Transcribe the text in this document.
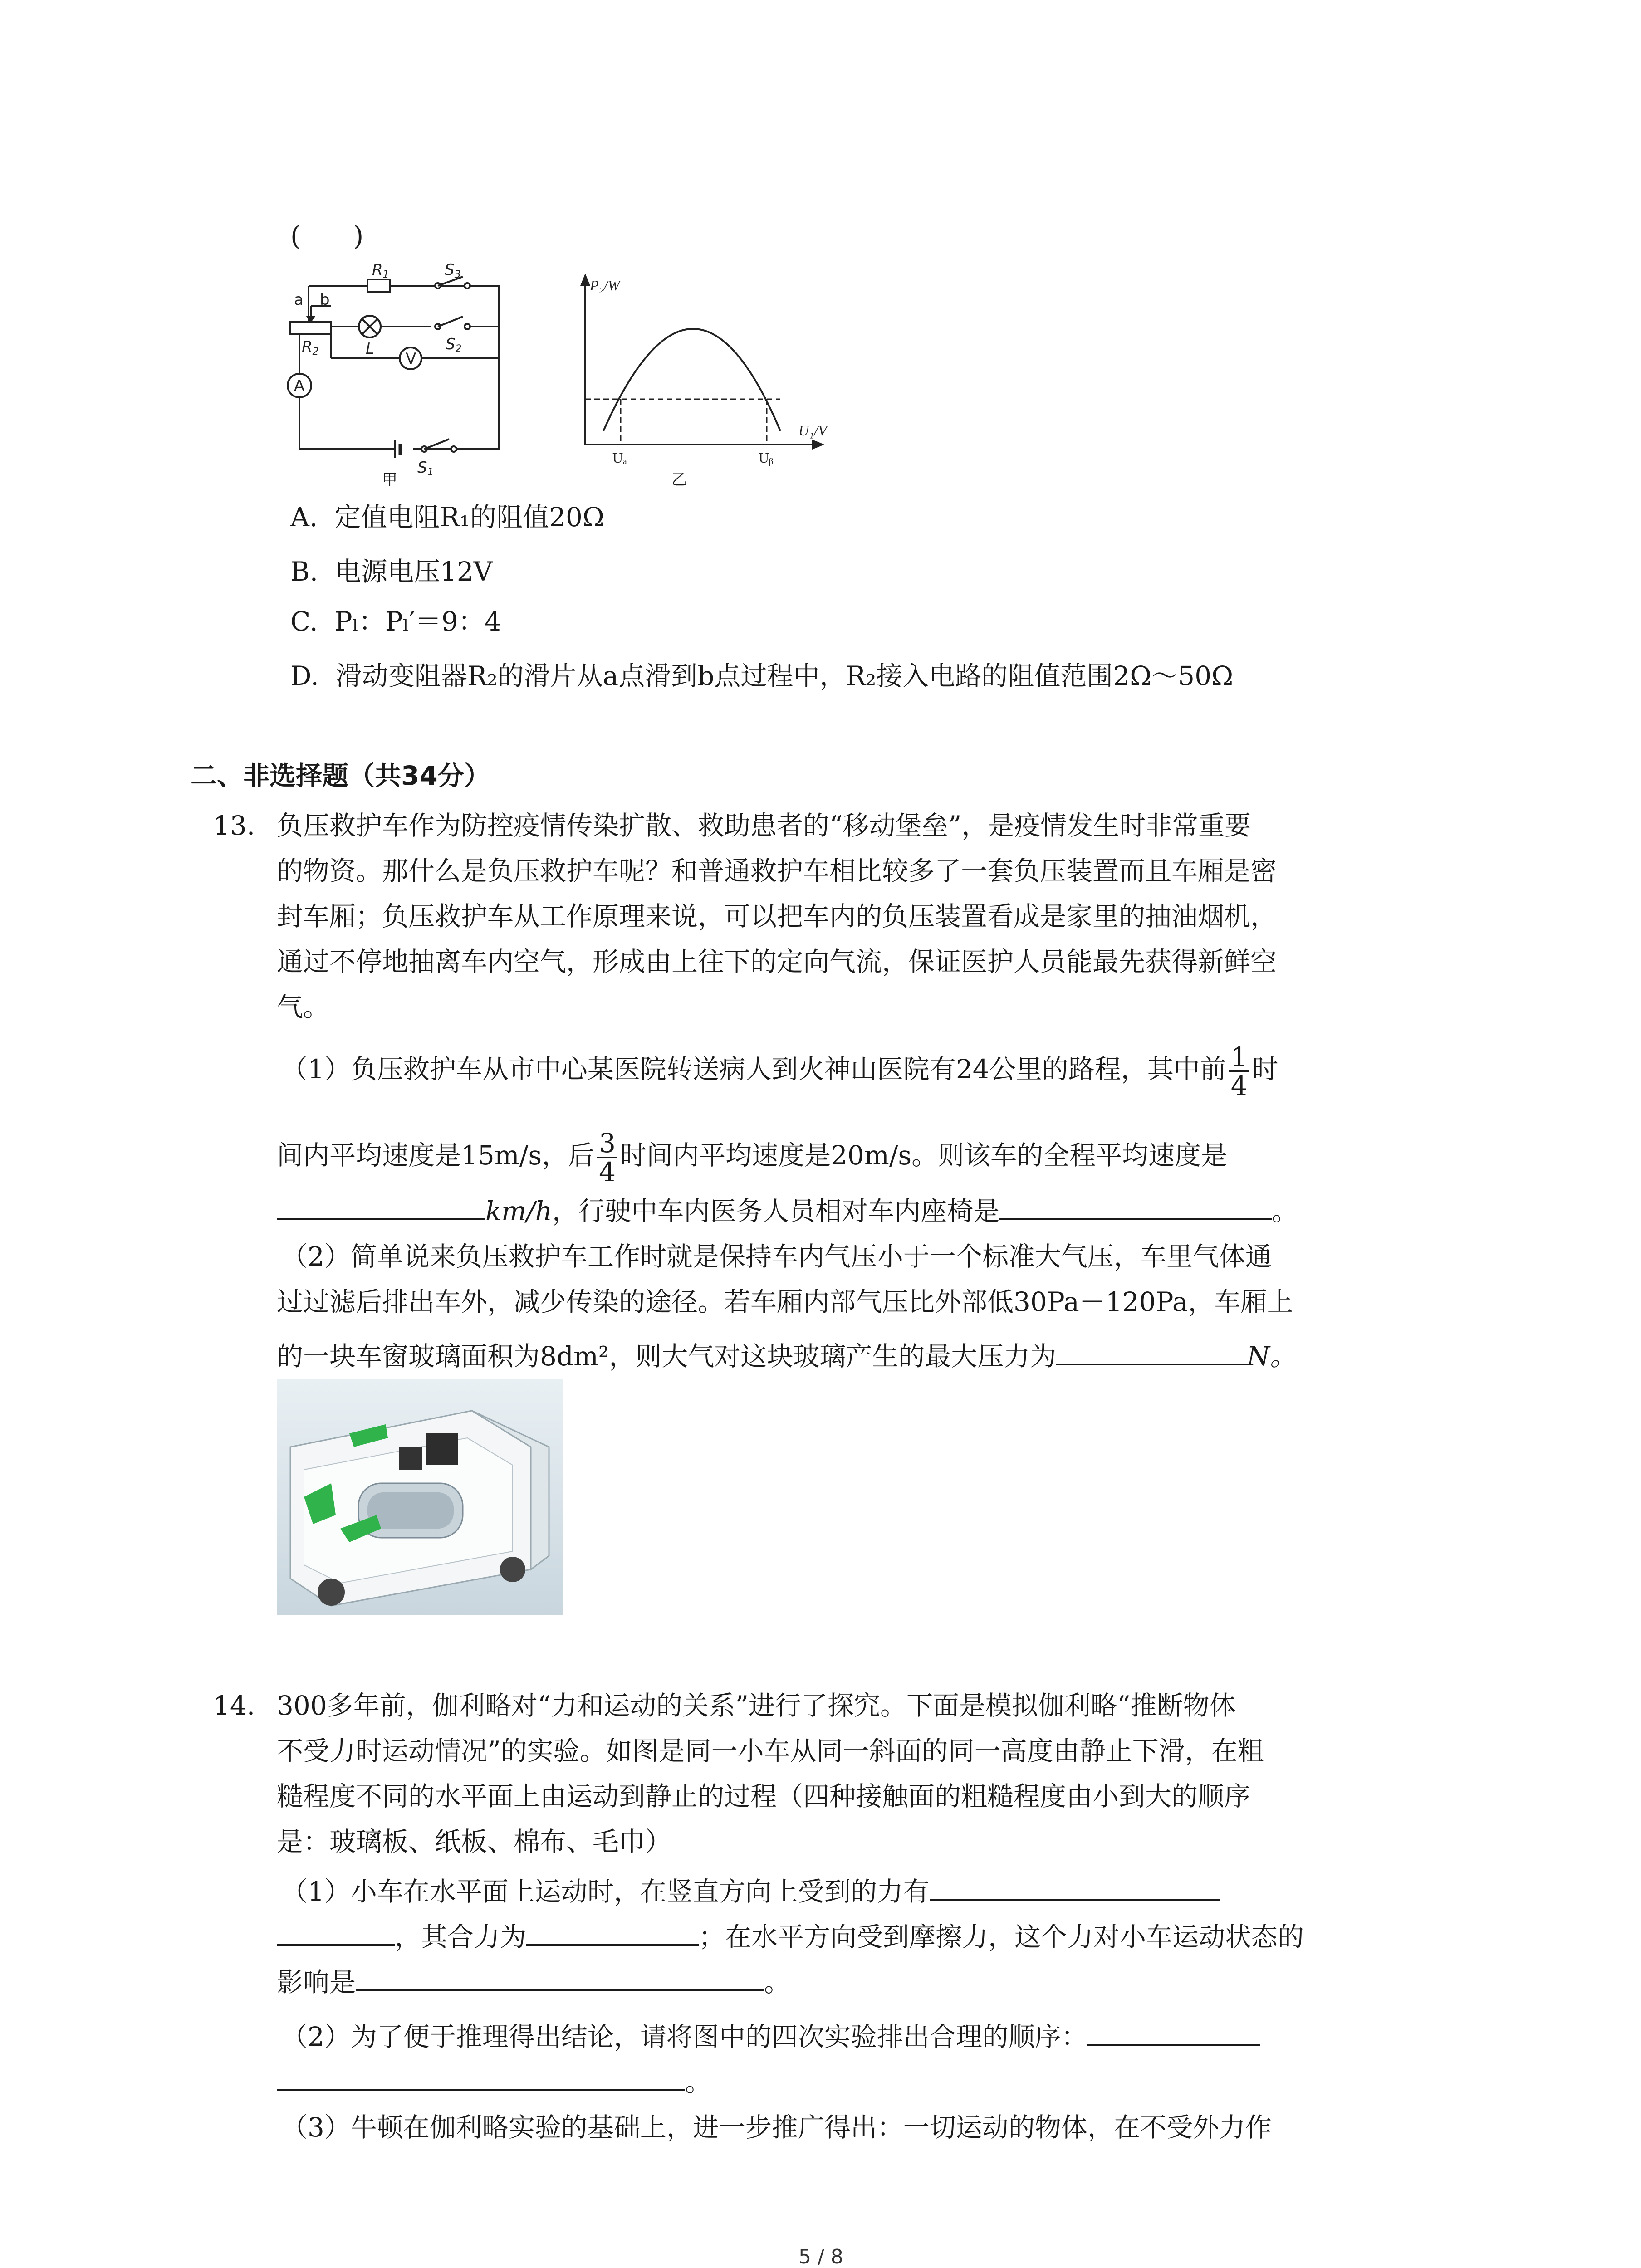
(　　)
R1	S3
a b
R2	L	S2
V
A
S1
甲
P₂/W
U₁/V
Uₐ	Uᵦ
乙
A. 定值电阻R₁的阻值20Ω
B. 电源电压12V
C. Pₗ：Pₗ′＝9：4
D. 滑动变阻器R₂的滑片从a点滑到b点过程中，R₂接入电路的阻值范围2Ω～50Ω
二、非选择题（共34分）
13. 负压救护车作为防控疫情传染扩散、救助患者的“移动堡垒”，是疫情发生时非常重要
的物资。那什么是负压救护车呢？和普通救护车相比较多了一套负压装置而且车厢是密
封车厢；负压救护车从工作原理来说，可以把车内的负压装置看成是家里的抽油烟机，
通过不停地抽离车内空气，形成由上往下的定向气流，保证医护人员能最先获得新鲜空
气。
（1）负压救护车从市中心某医院转送病人到火神山医院有24公里的路程，其中前 $\frac{1}{4}$ 时
间内平均速度是15m/s，后 $\frac{3}{4}$ 时间内平均速度是20m/s。则该车的全程平均速度是
km/h，行驶中车内医务人员相对车内座椅是	。
（2）简单说来负压救护车工作时就是保持车内气压小于一个标准大气压，车里气体通
过过滤后排出车外，减少传染的途径。若车厢内部气压比外部低30Pa－120Pa，车厢上
的一块车窗玻璃面积为8dm²，则大气对这块玻璃产生的最大压力为	N。
14. 300多年前，伽利略对“力和运动的关系”进行了探究。下面是模拟伽利略“推断物体
不受力时运动情况”的实验。如图是同一小车从同一斜面的同一高度由静止下滑，在粗
糙程度不同的水平面上由运动到静止的过程（四种接触面的粗糙程度由小到大的顺序
是：玻璃板、纸板、棉布、毛巾）
（1）小车在水平面上运动时，在竖直方向上受到的力有
，其合力为	；在水平方向受到摩擦力，这个力对小车运动状态的
影响是	。
（2）为了便于推理得出结论，请将图中的四次实验排出合理的顺序：
。
（3）牛顿在伽利略实验的基础上，进一步推广得出：一切运动的物体，在不受外力作
5 / 8
